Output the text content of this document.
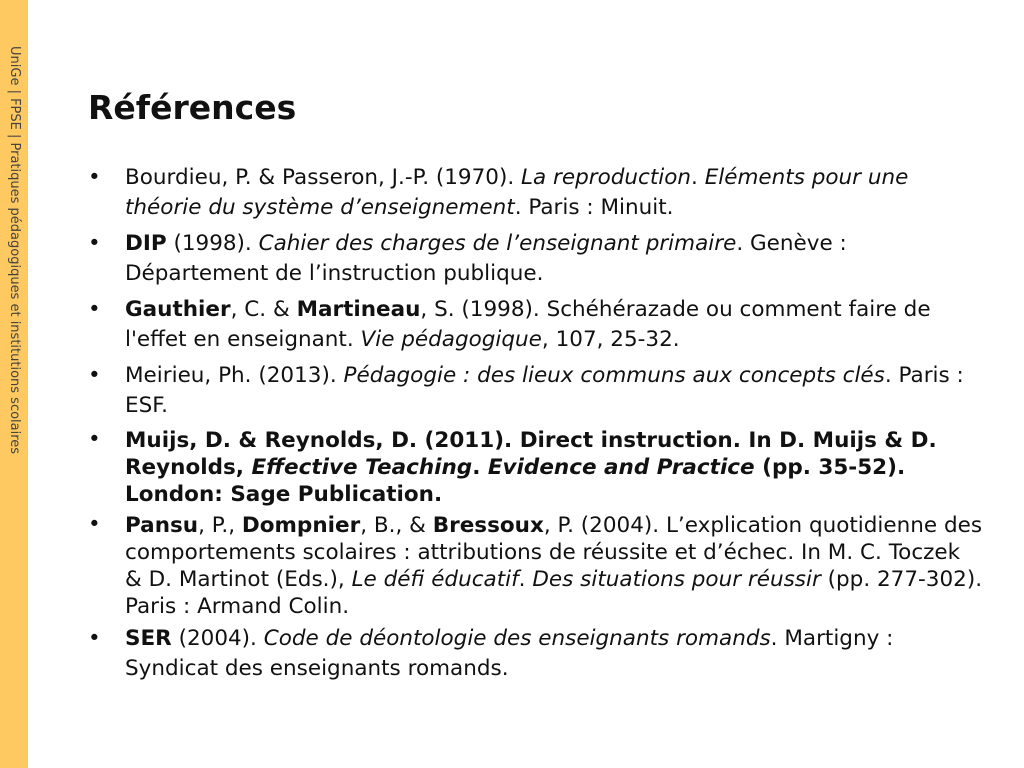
UniGe | FPSE | Pratiques pédagogiques et institutions scolaires Références
• Bourdieu, P. & Passeron, J.-P. (1970). La reproduction. Eléments pour une théorie du système d’enseignement. Paris : Minuit.
• DIP (1998). Cahier des charges de l’enseignant primaire. Genève : Département de l’instruction publique.
• Gauthier, C. & Martineau, S. (1998). Schéhérazade ou comment faire de l'effet en enseignant. Vie pédagogique, 107, 25-32.
• Meirieu, Ph. (2013). Pédagogie : des lieux communs aux concepts clés. Paris : ESF.
• Muijs, D. & Reynolds, D. (2011). Direct instruction. In D. Muijs & D. Reynolds, Effective Teaching. Evidence and Practice (pp. 35-52). London: Sage Publication.
• Pansu, P., Dompnier, B., & Bressoux, P. (2004). L’explication quotidienne des comportements scolaires : attributions de réussite et d’échec. In M. C. Toczek & D. Martinot (Eds.), Le défi éducatif. Des situations pour réussir (pp. 277-302). Paris : Armand Colin.
• SER (2004). Code de déontologie des enseignants romands. Martigny : Syndicat des enseignants romands.
